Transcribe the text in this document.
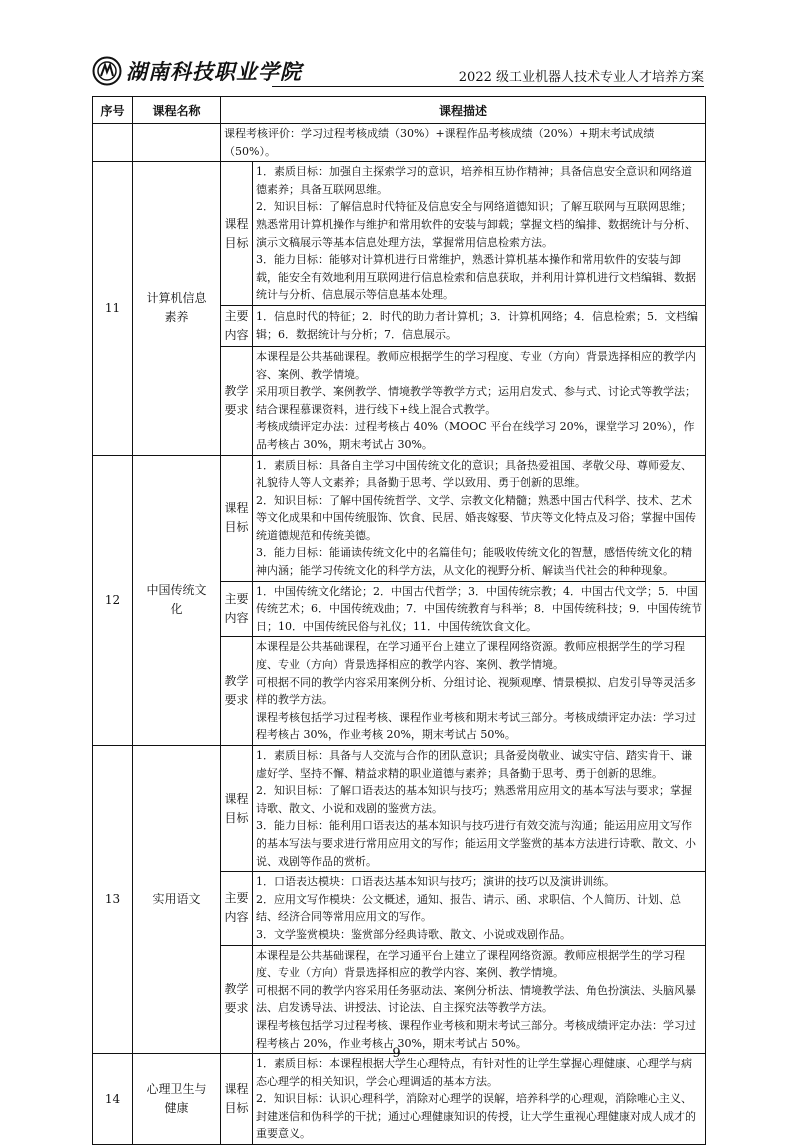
湖南科技职业学院	2022 级工业机器人技术专业人才培养方案
序号	课程名称	课程描述	
		课程考核评价：学习过程考核成绩（30%）+课程作品考核成绩（20%）+期末考试成绩（50%）。	
11	计算机信息素养	课程目标	1．素质目标：加强自主探索学习的意识，培养相互协作精神；具备信息安全意识和网络道德素养；具备互联网思维。
2．知识目标：了解信息时代特征及信息安全与网络道德知识；了解互联网与互联网思维；熟悉常用计算机操作与维护和常用软件的安装与卸载；掌握文档的编排、数据统计与分析、演示文稿展示等基本信息处理方法，掌握常用信息检索方法。
3．能力目标：能够对计算机进行日常维护，熟悉计算机基本操作和常用软件的安装与卸载，能安全有效地利用互联网进行信息检索和信息获取，并利用计算机进行文档编辑、数据统计与分析、信息展示等信息基本处理。

		主要内容	1．信息时代的特征；2．时代的助力者计算机；3．计算机网络；4．信息检索；5．文档编辑；6．数据统计与分析；7．信息展示。

		教学要求	本课程是公共基础课程。教师应根据学生的学习程度、专业（方向）背景选择相应的教学内容、案例、教学情境。
采用项目教学、案例教学、情境教学等教学方式；运用启发式、参与式、讨论式等教学法；结合课程慕课资料，进行线下+线上混合式教学。
考核成绩评定办法：过程考核占 40%（MOOC 平台在线学习 20%，课堂学习 20%），作品考核占 30%，期末考试占 30%。

12	中国传统文化	课程目标	1．素质目标：具备自主学习中国传统文化的意识；具备热爱祖国、孝敬父母、尊师爱友、礼貌待人等人文素养；具备勤于思考、学以致用、勇于创新的思维。
2．知识目标：了解中国传统哲学、文学、宗教文化精髓；熟悉中国古代科学、技术、艺术等文化成果和中国传统服饰、饮食、民居、婚丧嫁娶、节庆等文化特点及习俗；掌握中国传统道德规范和传统美德。
3．能力目标：能诵读传统文化中的名篇佳句；能吸收传统文化的智慧，感悟传统文化的精神内涵；能学习传统文化的科学方法，从文化的视野分析、解读当代社会的种种现象。

		主要内容	1．中国传统文化绪论；2．中国古代哲学；3．中国传统宗教；4．中国古代文学；5．中国传统艺术；6．中国传统戏曲；7．中国传统教育与科举；8．中国传统科技；9．中国传统节日；10．中国传统民俗与礼仪；11．中国传统饮食文化。

		教学要求	本课程是公共基础课程，在学习通平台上建立了课程网络资源。教师应根据学生的学习程度、专业（方向）背景选择相应的教学内容、案例、教学情境。
可根据不同的教学内容采用案例分析、分组讨论、视频观摩、情景模拟、启发引导等灵活多样的教学方法。
课程考核包括学习过程考核、课程作业考核和期末考试三部分。考核成绩评定办法：学习过程考核占 30%，作业考核 20%，期末考试占 50%。

13	实用语文	课程目标	1．素质目标：具备与人交流与合作的团队意识；具备爱岗敬业、诚实守信、踏实肯干、谦虚好学、坚持不懈、精益求精的职业道德与素养；具备勤于思考、勇于创新的思维。
2．知识目标：了解口语表达的基本知识与技巧；熟悉常用应用文的基本写法与要求；掌握诗歌、散文、小说和戏剧的鉴赏方法。
3．能力目标：能利用口语表达的基本知识与技巧进行有效交流与沟通；能运用应用文写作的基本写法与要求进行常用应用文的写作；能运用文学鉴赏的基本方法进行诗歌、散文、小说、戏剧等作品的赏析。

		主要内容	1．口语表达模块：口语表达基本知识与技巧；演讲的技巧以及演讲训练。
2．应用文写作模块：公文概述，通知、报告、请示、函、求职信、个人简历、计划、总结、经济合同等常用应用文的写作。
3．文学鉴赏模块：鉴赏部分经典诗歌、散文、小说或戏剧作品。

		教学要求	本课程是公共基础课程，在学习通平台上建立了课程网络资源。教师应根据学生的学习程度、专业（方向）背景选择相应的教学内容、案例、教学情境。
可根据不同的教学内容采用任务驱动法、案例分析法、情境教学法、角色扮演法、头脑风暴法、启发诱导法、讲授法、讨论法、自主探究法等教学方法。
课程考核包括学习过程考核、课程作业考核和期末考试三部分。考核成绩评定办法：学习过程考核占 20%，作业考核占 30%，期末考试占 50%。

14	心理卫生与健康	课程目标	1．素质目标：本课程根据大学生心理特点，有针对性的让学生掌握心理健康、心理学与病态心理学的相关知识，学会心理调适的基本方法。
2．知识目标：认识心理科学，消除对心理学的误解，培养科学的心理观，消除唯心主义、封建迷信和伪科学的干扰；通过心理健康知识的传授，让大学生重视心理健康对成人成才的重要意义。
9
